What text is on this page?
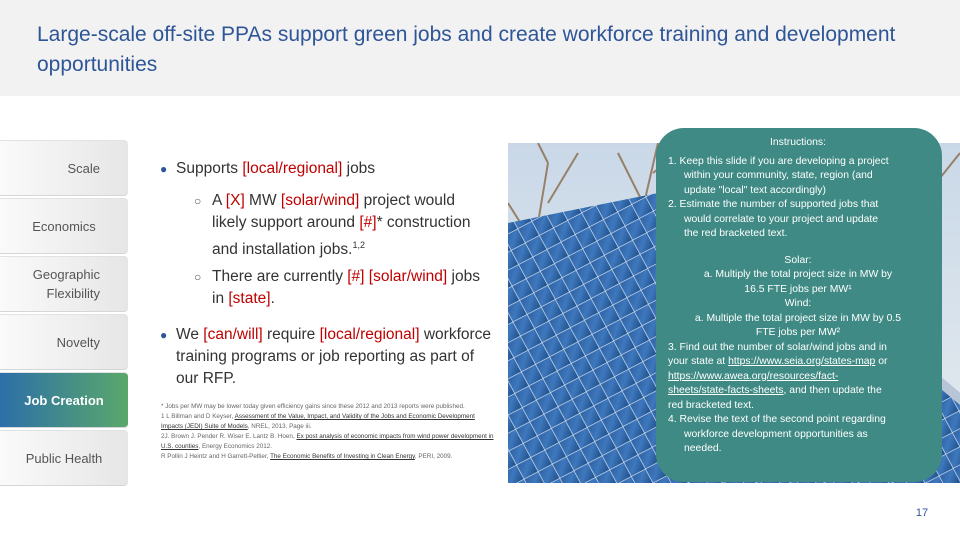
Large-scale off-site PPAs support green jobs and create workforce training and development opportunities
Scale
Economics
Geographic Flexibility
Novelty
Job Creation
Public Health
● Supports [local/regional] jobs
○ A [X] MW [solar/wind] project would likely support around [#]* construction and installation jobs.$^{1,2}$
○ There are currently [#] [solar/wind] jobs in [state].
● We [can/will] require [local/regional] workforce training programs or job reporting as part of our RFP.
* Jobs per MW may be lower today given efficiency gains since these 2012 and 2013 reports were published.
1 L Billman and D Keyser, Assessment of the Value, Impact, and Validity of the Jobs and Economic Development Impacts (JEDI) Suite of Models, NREL, 2013. Page iii.
2J. Brown J. Pender R. Wiser E. Lantz B. Hoen, Ex post analysis of economic impacts from wind power development in U.S. counties, Energy Economics 2012.
R Pollin J Heintz and H Garrett-Peltier, The Economic Benefits of Investing in Clean Energy, PERI, 2009.
Instructions:
1. Keep this slide if you are developing a project
within your community, state, region (and
update "local" text accordingly)
2. Estimate the number of supported jobs that
would correlate to your project and update
the red bracketed text.
Solar:
a. Multiply the total project size in MW by
16.5 FTE jobs per MW¹
Wind:
a. Multiple the total project size in MW by 0.5
FTE jobs per MW²
3. Find out the number of solar/wind jobs and in
your state at https://www.seia.org/states-map or
https://www.awea.org/resources/fact-
sheets/state-facts-sheets, and then update the
red bracketed text.
4. Revise the text of the second point regarding
workforce development opportunities as
needed.
17
